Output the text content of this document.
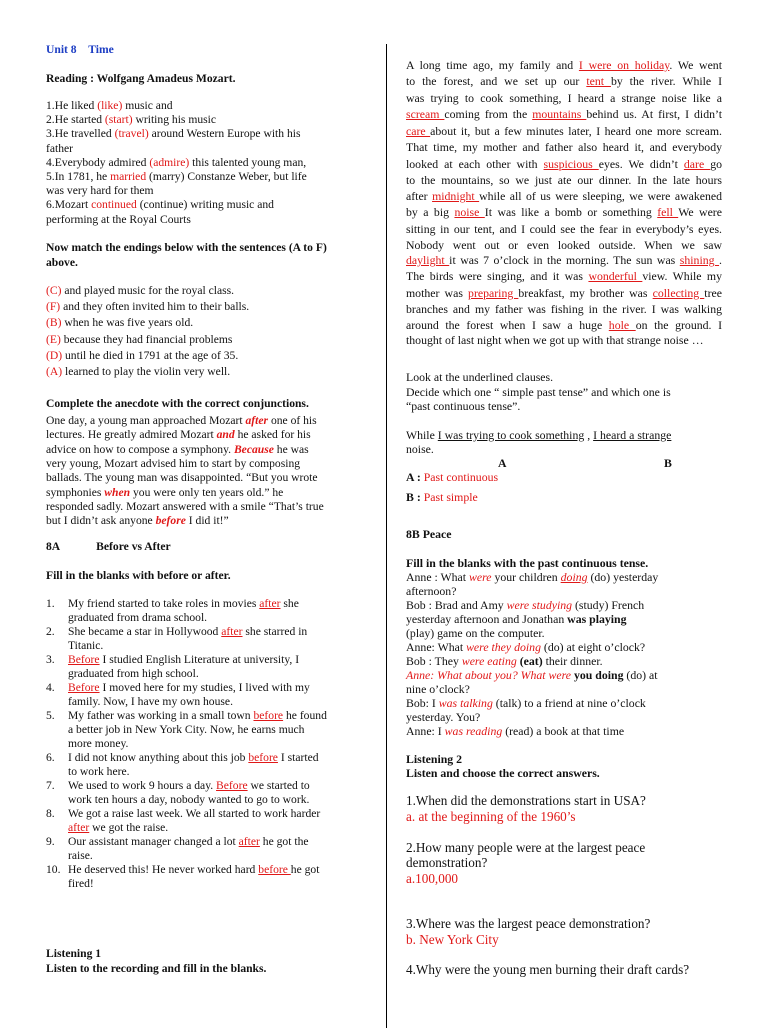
Unit 8 Time
Reading : Wolfgang Amadeus Mozart.
1.He liked (like) music and
2.He started (start) writing his music
3.He travelled (travel) around Western Europe with his
father
4.Everybody admired (admire) this talented young man,
5.In 1781, he married (marry) Constanze Weber, but life
was very hard for them
6.Mozart continued (continue) writing music and
performing at the Royal Courts
Now match the endings below with the sentences (A to F)
above.
(C) and played music for the royal class.
(F) and they often invited him to their balls.
(B) when he was five years old.
(E) because they had financial problems
(D) until he died in 1791 at the age of 35.
(A) learned to play the violin very well.
Complete the anecdote with the correct conjunctions.
One day, a young man approached Mozart after one of his
lectures. He greatly admired Mozart and he asked for his
advice on how to compose a symphony. Because he was
very young, Mozart advised him to start by composing
ballads. The young man was disappointed. “But you wrote
symphonies when you were only ten years old.” he
responded sadly. Mozart answered with a smile “That’s true
but I didn’t ask anyone before I did it!”
8A	Before vs After
Fill in the blanks with before or after.
1. My friend started to take roles in movies after she
graduated from drama school.
2. She became a star in Hollywood after she starred in
Titanic.
3. Before I studied English Literature at university, I
graduated from high school.
4. Before I moved here for my studies, I lived with my
family. Now, I have my own house.
5. My father was working in a small town before he found
a better job in New York City. Now, he earns much
more money.
6. I did not know anything about this job before I started
to work here.
7. We used to work 9 hours a day. Before we started to
work ten hours a day, nobody wanted to go to work.
8. We got a raise last week. We all started to work harder
after we got the raise.
9. Our assistant manager changed a lot after he got the
raise.
10. He deserved this! He never worked hard before he got
fired!
Listening 1
Listen to the recording and fill in the blanks.
A long time ago, my family and I were on holiday. We went
to the forest, and we set up our tent by the river. While I
was trying to cook something, I heard a strange noise like a
scream coming from the mountains behind us. At first, I didn’t
care about it, but a few minutes later, I heard one more scream.
That time, my mother and father also heard it, and everybody
looked at each other with suspicious eyes. We didn’t dare go
to the mountains, so we just ate our dinner. In the late hours
after midnight while all of us were sleeping, we were awakened
by a big noise It was like a bomb or something fell We were
sitting in our tent, and I could see the fear in everybody’s eyes.
Nobody went out or even looked outside. When we saw
daylight it was 7 o’clock in the morning. The sun was shining .
The birds were singing, and it was wonderful view. While my
mother was preparing breakfast, my brother was collecting tree
branches and my father was fishing in the river. I was walking
around the forest when I saw a huge hole on the ground. I
thought of last night when we got up with that strange noise …
Look at the underlined clauses.
Decide which one “ simple past tense” and which one is
“past continuous tense”.
While I was trying to cook something , I heard a strange
noise.
A	B
A : Past continuous
B : Past simple
8B Peace
Fill in the blanks with the past continuous tense.
Anne : What were your children doing (do) yesterday
afternoon?
Bob : Brad and Amy were studying (study) French
yesterday afternoon and Jonathan was playing
(play) game on the computer.
Anne: What were they doing (do) at eight o’clock?
Bob : They were eating (eat) their dinner.
Anne: What about you? What were you doing (do) at
nine o’clock?
Bob: I was talking (talk) to a friend at nine o’clock
yesterday. You?
Anne: I was reading (read) a book at that time
Listening 2
Listen and choose the correct answers.
1.When did the demonstrations start in USA?
a. at the beginning of the 1960’s
2.How many people were at the largest peace
demonstration?
a.100,000
3.Where was the largest peace demonstration?
b. New York City
4.Why were the young men burning their draft cards?
